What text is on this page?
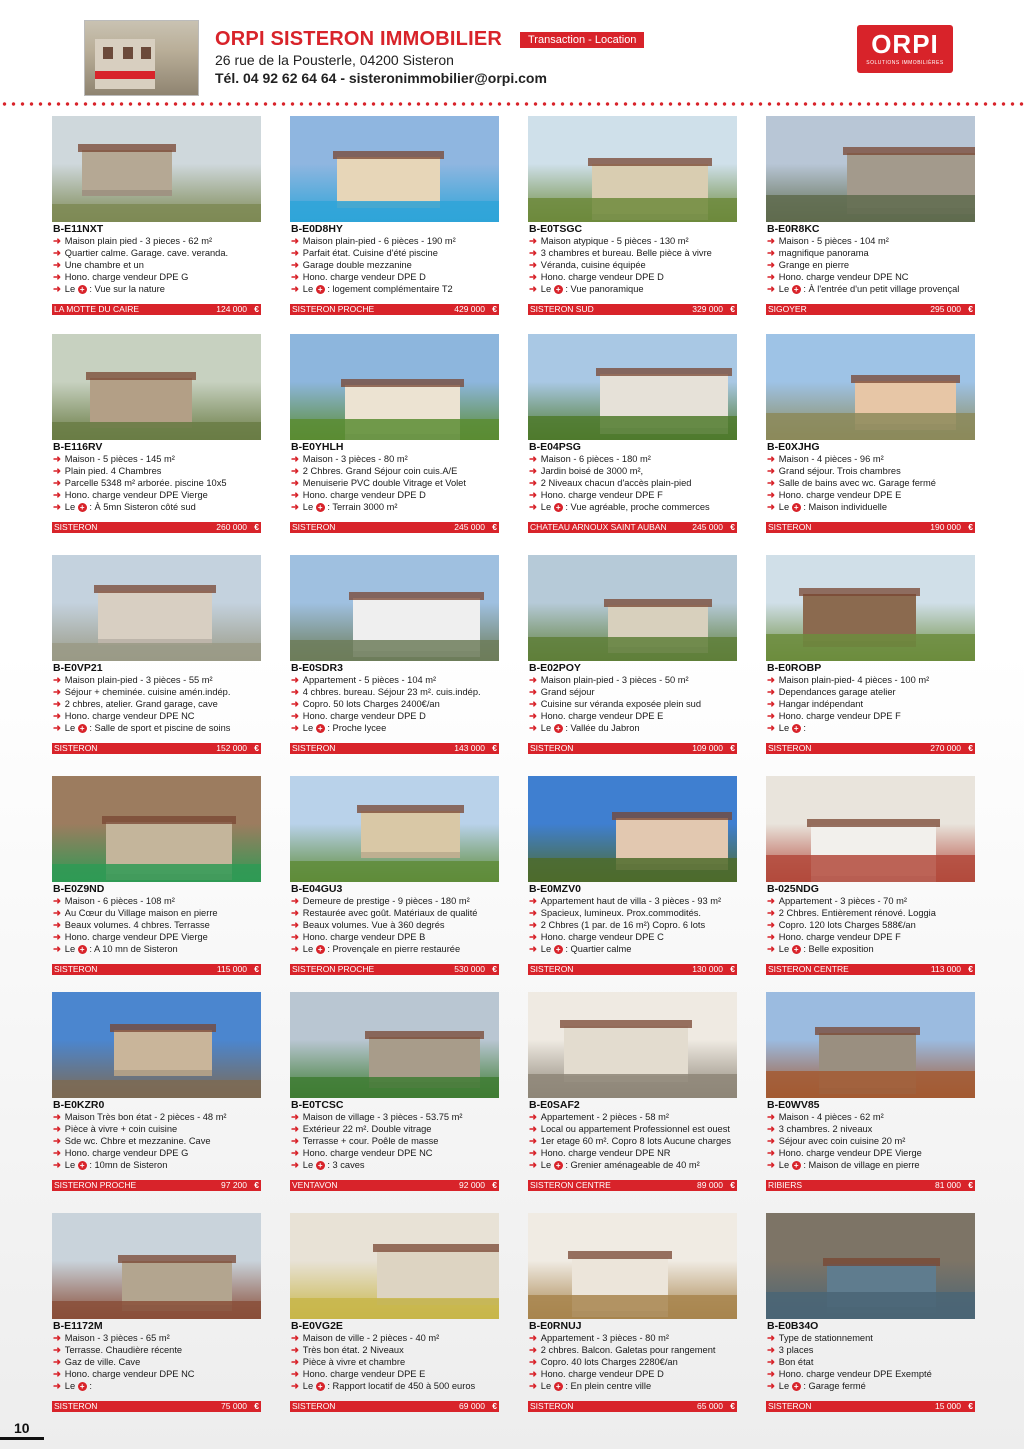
ORPI SISTERON IMMOBILIER
26 rue de la Pousterle, 04200 Sisteron
Tél. 04 92 62 64 64 - sisteronimmobilier@orpi.com
Transaction - Location	ORPI
SOLUTIONS IMMOBILIÈRES
B-E11NXT
➜ Maison plain pied - 3 pieces - 62 m²
➜ Quartier calme. Garage. cave. veranda.
➜ Une chambre et un
➜ Hono. charge vendeur DPE G
➜ Le + : Vue sur la nature
LA MOTTE DU CAIRE	124 000 €
B-E0D8HY
➜ Maison plain-pied - 6 pièces - 190 m²
➜ Parfait état. Cuisine d'été piscine
➜ Garage double mezzanine
➜ Hono. charge vendeur DPE D
➜ Le + : logement complémentaire T2
SISTERON PROCHE	429 000 €
B-E0TSGC
➜ Maison atypique - 5 pièces - 130 m²
➜ 3 chambres et bureau. Belle pièce à vivre
➜ Véranda, cuisine équipée
➜ Hono. charge vendeur DPE D
➜ Le + : Vue panoramique
SISTERON SUD	329 000 €
B-E0R8KC
➜ Maison - 5 pièces - 104 m²
➜ magnifique panorama
➜ Grange en pierre
➜ Hono. charge vendeur DPE NC
➜ Le + : À l'entrée d'un petit village provençal
SIGOYER	295 000 €
B-E116RV
➜ Maison - 5 pièces - 145 m²
➜ Plain pied. 4 Chambres
➜ Parcelle 5348 m² arborée. piscine 10x5
➜ Hono. charge vendeur DPE Vierge
➜ Le + : À 5mn Sisteron côté sud
SISTERON	260 000 €
B-E0YHLH
➜ Maison - 3 pièces - 80 m²
➜ 2 Chbres. Grand Séjour coin cuis.A/E
➜ Menuiserie PVC double Vitrage et Volet
➜ Hono. charge vendeur DPE D
➜ Le + : Terrain 3000 m²
SISTERON	245 000 €
B-E04PSG
➜ Maison - 6 pièces - 180 m²
➜ Jardin boisé de 3000 m²,
➜ 2 Niveaux chacun d'accès plain-pied
➜ Hono. charge vendeur DPE F
➜ Le + : Vue agréable, proche commerces
CHATEAU ARNOUX SAINT AUBAN	245 000 €
B-E0XJHG
➜ Maison - 4 pièces - 96 m²
➜ Grand séjour. Trois chambres
➜ Salle de bains avec wc. Garage fermé
➜ Hono. charge vendeur DPE E
➜ Le + : Maison individuelle
SISTERON	190 000 €
B-E0VP21
➜ Maison plain-pied - 3 pièces - 55 m²
➜ Séjour + cheminée. cuisine amén.indép.
➜ 2 chbres, atelier. Grand garage, cave
➜ Hono. charge vendeur DPE NC
➜ Le + : Salle de sport et piscine de soins
SISTERON	152 000 €
B-E0SDR3
➜ Appartement - 5 pièces - 104 m²
➜ 4 chbres. bureau. Séjour 23 m². cuis.indép.
➜ Copro. 50 lots Charges 2400€/an
➜ Hono. charge vendeur DPE D
➜ Le + : Proche lycee
SISTERON	143 000 €
B-E02POY
➜ Maison plain-pied - 3 pièces - 50 m²
➜ Grand séjour
➜ Cuisine sur véranda exposée plein sud
➜ Hono. charge vendeur DPE E
➜ Le + : Vallée du Jabron
SISTERON	109 000 €
B-E0ROBP
➜ Maison plain-pied- 4 pièces - 100 m²
➜ Dependances garage atelier
➜ Hangar indépendant
➜ Hono. charge vendeur DPE F
➜ Le + :
SISTERON	270 000 €
B-E0Z9ND
➜ Maison - 6 pièces - 108 m²
➜ Au Cœur du Village maison en pierre
➜ Beaux volumes. 4 chbres. Terrasse
➜ Hono. charge vendeur DPE Vierge
➜ Le + : A 10 mn de Sisteron
SISTERON	115 000 €
B-E04GU3
➜ Demeure de prestige - 9 pièces - 180 m²
➜ Restaurée avec goût. Matériaux de qualité
➜ Beaux volumes. Vue à 360 degrés
➜ Hono. charge vendeur DPE B
➜ Le + : Provençale en pierre restaurée
SISTERON PROCHE	530 000 €
B-E0MZV0
➜ Appartement haut de villa - 3 pièces - 93 m²
➜ Spacieux, lumineux. Prox.commodités.
➜ 2 Chbres (1 par. de 16 m²) Copro. 6 lots
➜ Hono. charge vendeur DPE C
➜ Le + : Quartier calme
SISTERON	130 000 €
B-025NDG
➜ Appartement - 3 pièces - 70 m²
➜ 2 Chbres. Entièrement rénové. Loggia
➜ Copro. 120 lots Charges 588€/an
➜ Hono. charge vendeur DPE F
➜ Le + : Belle exposition
SISTERON CENTRE	113 000 €
B-E0KZR0
➜ Maison Très bon état - 2 pièces - 48 m²
➜ Pièce à vivre + coin cuisine
➜ Sde wc. Chbre et mezzanine. Cave
➜ Hono. charge vendeur DPE G
➜ Le + : 10mn de Sisteron
SISTERON PROCHE	97 200 €
B-E0TCSC
➜ Maison de village - 3 pièces - 53.75 m²
➜ Extérieur 22 m². Double vitrage
➜ Terrasse + cour. Poêle de masse
➜ Hono. charge vendeur DPE NC
➜ Le + : 3 caves
VENTAVON	92 000 €
B-E0SAF2
➜ Appartement - 2 pièces - 58 m²
➜ Local ou appartement Professionnel est ouest
➜ 1er etage 60 m². Copro 8 lots Aucune charges
➜ Hono. charge vendeur DPE NR
➜ Le + : Grenier aménageable de 40 m²
SISTERON CENTRE	89 000 €
B-E0WV85
➜ Maison - 4 pièces - 62 m²
➜ 3 chambres. 2 niveaux
➜ Séjour avec coin cuisine 20 m²
➜ Hono. charge vendeur DPE Vierge
➜ Le + : Maison de village en pierre
RIBIERS	81 000 €
B-E1172M
➜ Maison - 3 pièces - 65 m²
➜ Terrasse. Chaudière récente
➜ Gaz de ville. Cave
➜ Hono. charge vendeur DPE NC
➜ Le + :
SISTERON	75 000 €
B-E0VG2E
➜ Maison de ville - 2 pièces - 40 m²
➜ Très bon état. 2 Niveaux
➜ Pièce à vivre et chambre
➜ Hono. charge vendeur DPE E
➜ Le + : Rapport locatif de 450 à 500 euros
SISTERON	69 000 €
B-E0RNUJ
➜ Appartement - 3 pièces - 80 m²
➜ 2 chbres. Balcon. Galetas pour rangement
➜ Copro. 40 lots Charges 2280€/an
➜ Hono. charge vendeur DPE D
➜ Le + : En plein centre ville
SISTERON	65 000 €
B-E0B34O
➜ Type de stationnement
➜ 3 places
➜ Bon état
➜ Hono. charge vendeur DPE Exempté
➜ Le + : Garage fermé
SISTERON	15 000 €
10
